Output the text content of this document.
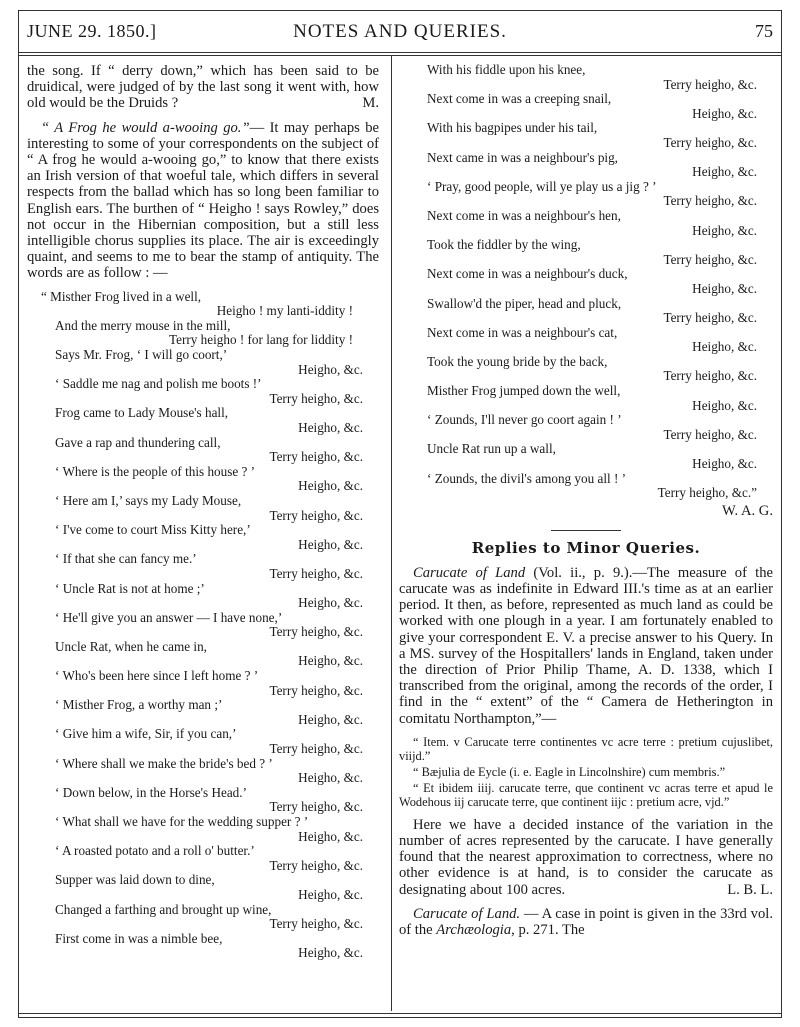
JUNE 29. 1850.]	NOTES AND QUERIES.	75

the song. If “ derry down,” which has been said to be druidical, were judged of by the last song it went with, how old would be the Druids ?	M.

“ A Frog he would a-wooing go.”— It may perhaps be interesting to some of your correspondents on the subject of “ A frog he would a-wooing go,” to know that there exists an Irish version of that woeful tale, which differs in several respects from the ballad which has so long been familiar to English ears. The burthen of “ Heigho ! says Rowley,” does not occur in the Hibernian composition, but a still less intelligible chorus supplies its place. The air is exceedingly quaint, and seems to me to bear the stamp of antiquity. The words are as follow : —

“ Misther Frog lived in a well,

Heigho ! my lanti-iddity !

And the merry mouse in the mill,

Terry heigho ! for lang for liddity !

Says Mr. Frog, ‘ I will go coort,’

Heigho, &c.

‘ Saddle me nag and polish me boots !’

Terry heigho, &c.

Frog came to Lady Mouse's hall,

Heigho, &c.

Gave a rap and thundering call,

Terry heigho, &c.

‘ Where is the people of this house ? ’

Heigho, &c.

‘ Here am I,’ says my Lady Mouse,

Terry heigho, &c.

‘ I've come to court Miss Kitty here,’

Heigho, &c.

‘ If that she can fancy me.’

Terry heigho, &c.

‘ Uncle Rat is not at home ;’

Heigho, &c.

‘ He'll give you an answer — I have none,’

Terry heigho, &c.

Uncle Rat, when he came in,

Heigho, &c.

‘ Who's been here since I left home ? ’

Terry heigho, &c.

‘ Misther Frog, a worthy man ;’

Heigho, &c.

‘ Give him a wife, Sir, if you can,’

Terry heigho, &c.

‘ Where shall we make the bride's bed ? ’

Heigho, &c.

‘ Down below, in the Horse's Head.’

Terry heigho, &c.

‘ What shall we have for the wedding supper ? ’

Heigho, &c.

‘ A roasted potato and a roll o' butter.’

Terry heigho, &c.

Supper was laid down to dine,

Heigho, &c.

Changed a farthing and brought up wine,

Terry heigho, &c.

First come in was a nimble bee,

Heigho, &c.

With his fiddle upon his knee,

Terry heigho, &c.

Next come in was a creeping snail,

Heigho, &c.

With his bagpipes under his tail,

Terry heigho, &c.

Next came in was a neighbour's pig,

Heigho, &c.

‘ Pray, good people, will ye play us a jig ? ’

Terry heigho, &c.

Next come in was a neighbour's hen,

Heigho, &c.

Took the fiddler by the wing,

Terry heigho, &c.

Next come in was a neighbour's duck,

Heigho, &c.

Swallow'd the piper, head and pluck,

Terry heigho, &c.

Next come in was a neighbour's cat,

Heigho, &c.

Took the young bride by the back,

Terry heigho, &c.

Misther Frog jumped down the well,

Heigho, &c.

‘ Zounds, I'll never go coort again ! ’

Terry heigho, &c.

Uncle Rat run up a wall,

Heigho, &c.

‘ Zounds, the divil's among you all ! ’

Terry heigho, &c.”

W. A. G.
Replies to Minor Queries.

Carucate of Land (Vol. ii., p. 9.).—The measure of the carucate was as indefinite in Edward III.'s time as at an earlier period. It then, as before, represented as much land as could be worked with one plough in a year. I am fortunately enabled to give your correspondent E. V. a precise answer to his Query. In a MS. survey of the Hospitallers' lands in England, taken under the direction of Prior Philip Thame, A. D. 1338, which I transcribed from the original, among the records of the order, I find in the “ extent” of the “ Camera de Hetherington in comitatu Northampton,”—

“ Item. v Carucate terre continentes vc acre terre : pretium cujuslibet, viijd.”

“ Bæjulia de Eycle (i. e. Eagle in Lincolnshire) cum membris.”

“ Et ibidem iiij. carucate terre, que continent vc acras terre et apud le Wodehous iij carucate terre, que continent iijc : pretium acre, vjd.”

Here we have a decided instance of the variation in the number of acres represented by the carucate. I have generally found that the nearest approximation to correctness, where no other evidence is at hand, is to consider the carucate as designating about 100 acres.	L. B. L.

Carucate of Land. — A case in point is given in the 33rd vol. of the Archæologia, p. 271. The
